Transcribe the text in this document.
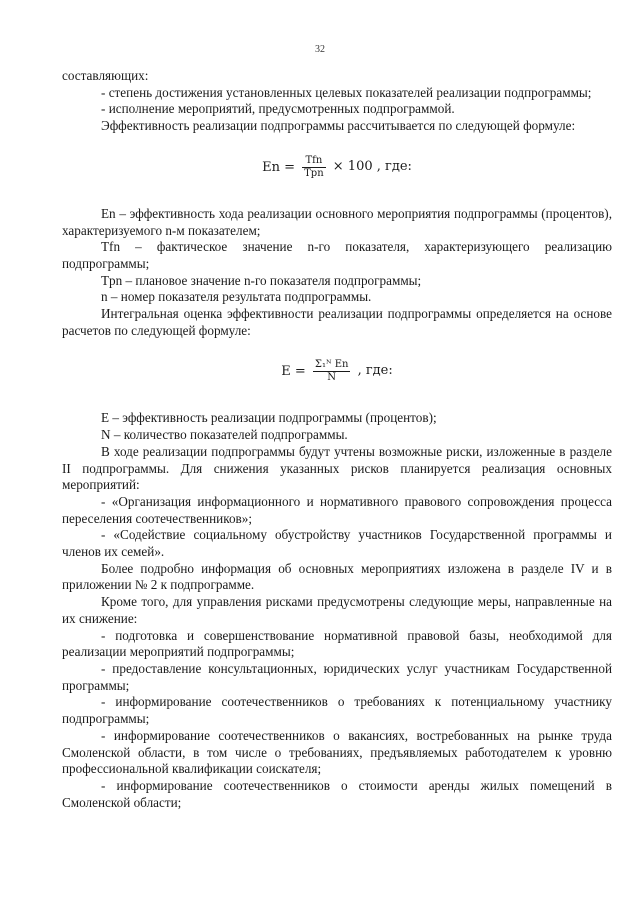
32

составляющих:

- степень достижения установленных целевых показателей реализации подпрограммы;

- исполнение мероприятий, предусмотренных подпрограммой.

Эффективность реализации подпрограммы рассчитывается по следующей формуле:

$En = \frac{\text{Tfn}}{\text{Tpn}} \times 100$ , где:

En – эффективность хода реализации основного мероприятия подпрограммы (процентов), характеризуемого n-м показателем;

Tfn – фактическое значение n-го показателя, характеризующего реализацию подпрограммы;

Tpn – плановое значение n-го показателя подпрограммы;

n – номер показателя результата подпрограммы.

Интегральная оценка эффективности реализации подпрограммы определяется на основе расчетов по следующей формуле:

$E = \frac{\text{Σ₁ᴺ En}}{N}$ , где:

E – эффективность реализации подпрограммы (процентов);

N – количество показателей подпрограммы.

В ходе реализации подпрограммы будут учтены возможные риски, изложенные в разделе II подпрограммы. Для снижения указанных рисков планируется реализация основных мероприятий:

- «Организация информационного и нормативного правового сопровождения процесса переселения соотечественников»;

- «Содействие социальному обустройству участников Государственной программы и членов их семей».

Более подробно информация об основных мероприятиях изложена в разделе IV и в приложении № 2 к подпрограмме.

Кроме того, для управления рисками предусмотрены следующие меры, направленные на их снижение:

- подготовка и совершенствование нормативной правовой базы, необходимой для реализации мероприятий подпрограммы;

- предоставление консультационных, юридических услуг участникам Государственной программы;

- информирование соотечественников о требованиях к потенциальному участнику подпрограммы;

- информирование соотечественников о вакансиях, востребованных на рынке труда Смоленской области, в том числе о требованиях, предъявляемых работодателем к уровню профессиональной квалификации соискателя;

- информирование соотечественников о стоимости аренды жилых помещений в Смоленской области;
